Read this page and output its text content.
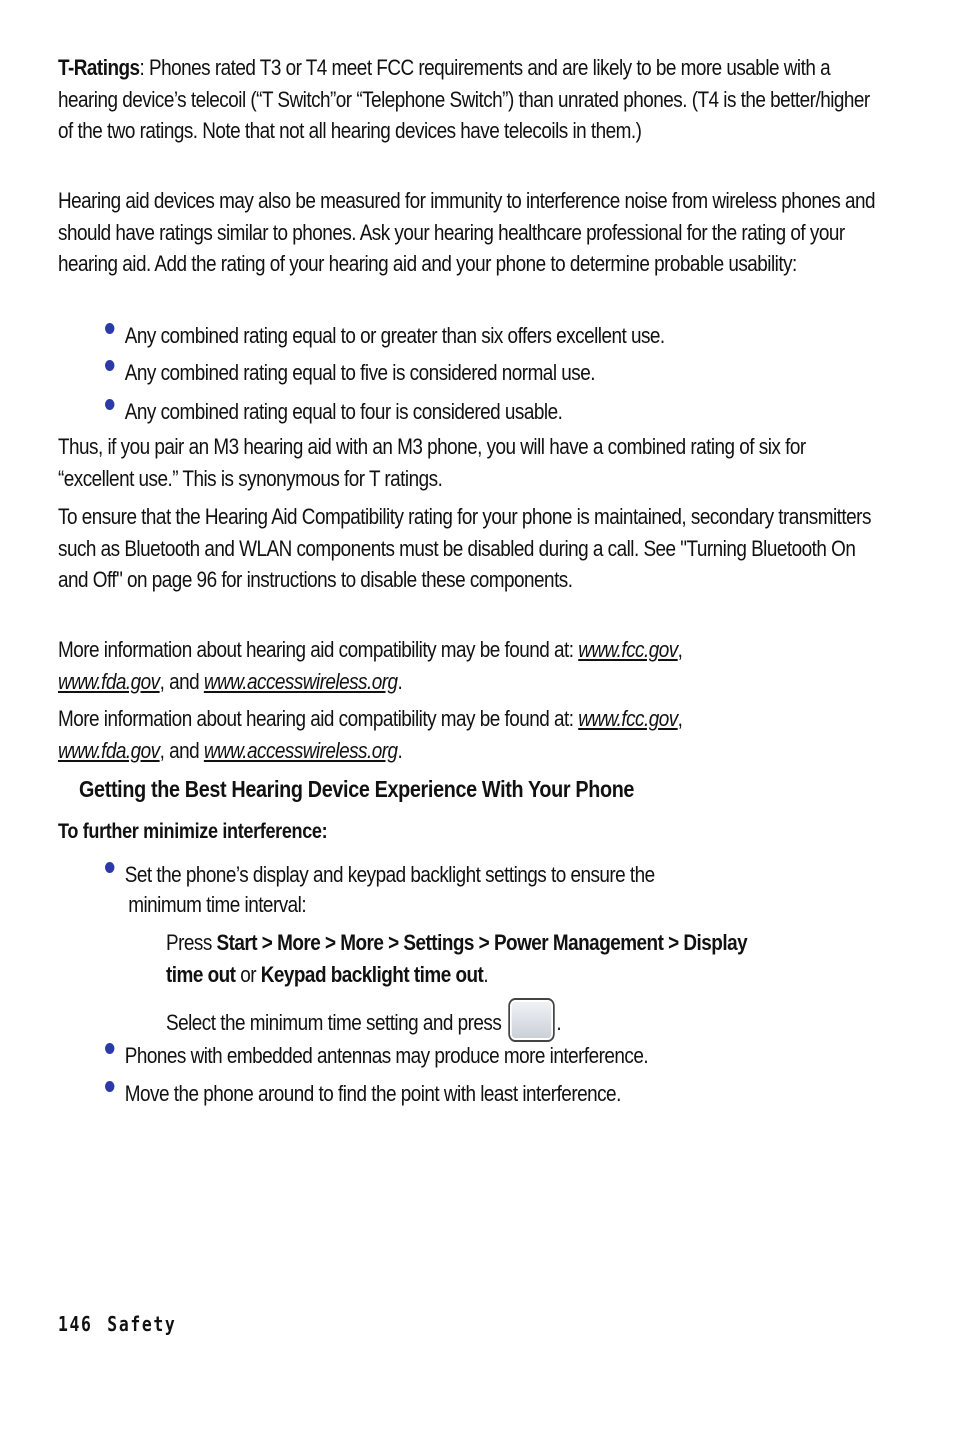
T-Ratings: Phones rated T3 or T4 meet FCC requirements and are likely to be more usable with a hearing device’s telecoil (“T Switch”or “Telephone Switch”) than unrated phones. (T4 is the better/higher of the two ratings. Note that not all hearing devices have telecoils in them.)
Hearing aid devices may also be measured for immunity to interference noise from wireless phones and should have ratings similar to phones. Ask your hearing healthcare professional for the rating of your hearing aid. Add the rating of your hearing aid and your phone to determine probable usability:
Any combined rating equal to or greater than six offers excellent use.
Any combined rating equal to five is considered normal use.
Any combined rating equal to four is considered usable.
Thus, if you pair an M3 hearing aid with an M3 phone, you will have a combined rating of six for “excellent use.” This is synonymous for T ratings.
To ensure that the Hearing Aid Compatibility rating for your phone is maintained, secondary transmitters such as Bluetooth and WLAN components must be disabled during a call. See "Turning Bluetooth On and Off" on page 96 for instructions to disable these components.
More information about hearing aid compatibility may be found at: www.fcc.gov,
www.fda.gov, and www.accesswireless.org.
More information about hearing aid compatibility may be found at: www.fcc.gov,
www.fda.gov, and www.accesswireless.org.
Getting the Best Hearing Device Experience With Your Phone
To further minimize interference:
Set the phone’s display and keypad backlight settings to ensure the
minimum time interval:
Press Start > More > More > Settings > Power Management > Display
time out or Keypad backlight time out.
Select the minimum time setting and press	.
Phones with embedded antennas may produce more interference.
Move the phone around to find the point with least interference.
146 Safety
